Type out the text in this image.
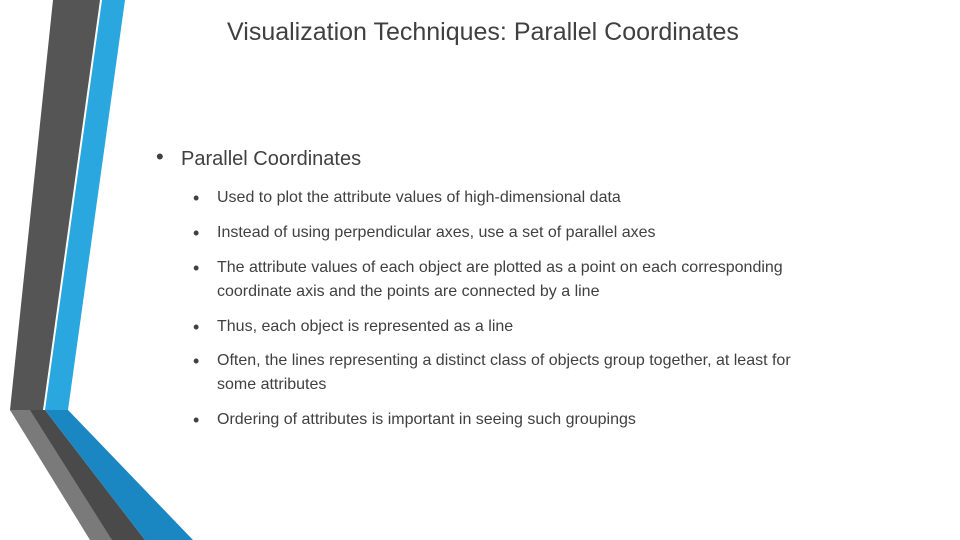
Visualization Techniques: Parallel Coordinates
• Parallel Coordinates
• Used to plot the attribute values of high-dimensional data
• Instead of using perpendicular axes, use a set of parallel axes
• The attribute values of each object are plotted as a point on each corresponding coordinate axis and the points are connected by a line
• Thus, each object is represented as a line
• Often, the lines representing a distinct class of objects group together, at least for some attributes
• Ordering of attributes is important in seeing such groupings
